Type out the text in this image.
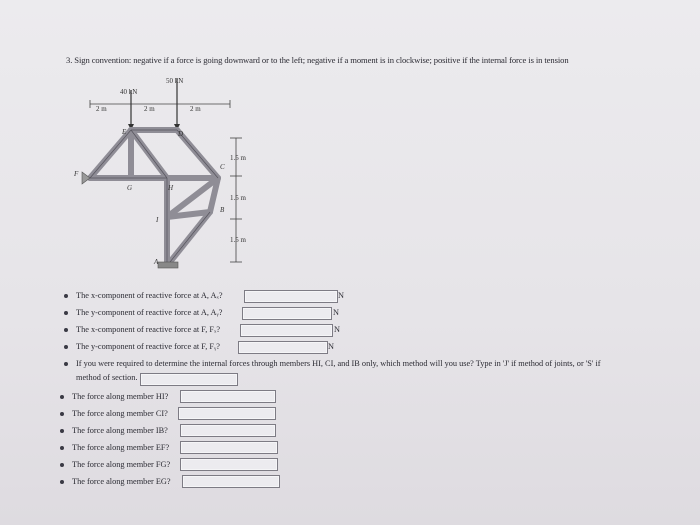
3. Sign convention: negative if a force is going downward or to the left; negative if a moment is in clockwise; positive if the internal force is in tension
2 m	2 m	2 m
40 kN
50 kN
1.5 m
1.5 m
1.5 m
E	D
C
F
G	H
B
I
A
The x-component of reactive force at A, Aₓ?	N
The y-component of reactive force at A, Aᵧ?	N
The x-component of reactive force at F, Fₓ?	N
The y-component of reactive force at F, Fᵧ?	N
If you were required to determine the internal forces through members HI, CI, and IB only, which method will you use? Type in 'J' if method of joints, or 'S' if
method of section.
The force along member HI?
The force along member CI?
The force along member IB?
The force along member EF?
The force along member FG?
The force along member EG?
